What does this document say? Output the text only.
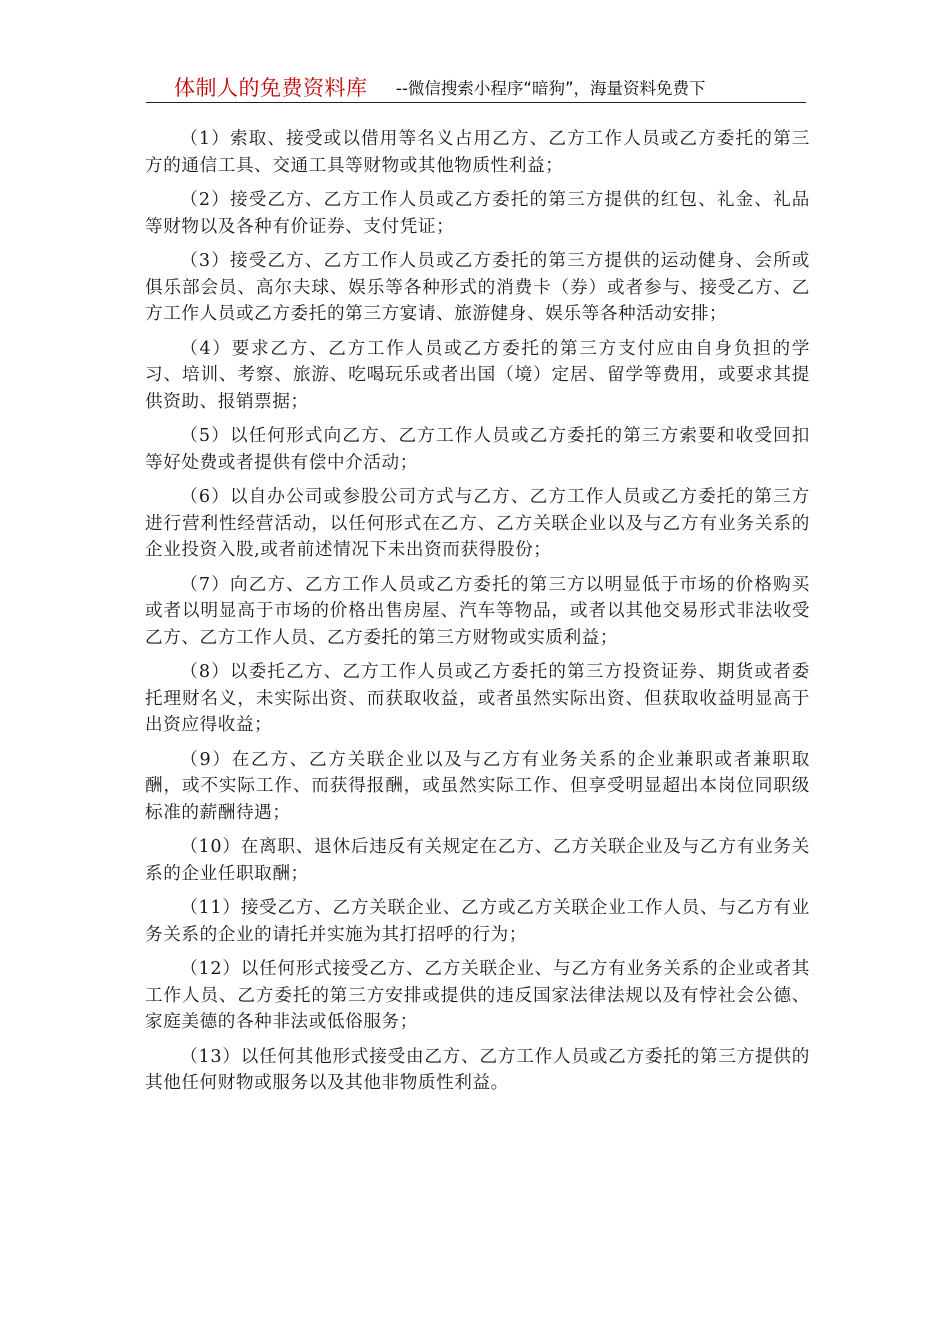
体制人的免费资料库 --微信搜索小程序“暗狗”，海量资料免费下

（1）索取、接受或以借用等名义占用乙方、乙方工作人员或乙方委托的第三方的通信工具、交通工具等财物或其他物质性利益；

（2）接受乙方、乙方工作人员或乙方委托的第三方提供的红包、礼金、礼品等财物以及各种有价证券、支付凭证；

（3）接受乙方、乙方工作人员或乙方委托的第三方提供的运动健身、会所或俱乐部会员、高尔夫球、娱乐等各种形式的消费卡（券）或者参与、接受乙方、乙方工作人员或乙方委托的第三方宴请、旅游健身、娱乐等各种活动安排；

（4）要求乙方、乙方工作人员或乙方委托的第三方支付应由自身负担的学习、培训、考察、旅游、吃喝玩乐或者出国（境）定居、留学等费用，或要求其提供资助、报销票据；

（5）以任何形式向乙方、乙方工作人员或乙方委托的第三方索要和收受回扣等好处费或者提供有偿中介活动；

（6）以自办公司或参股公司方式与乙方、乙方工作人员或乙方委托的第三方进行营利性经营活动，以任何形式在乙方、乙方关联企业以及与乙方有业务关系的企业投资入股,或者前述情况下未出资而获得股份；

（7）向乙方、乙方工作人员或乙方委托的第三方以明显低于市场的价格购买或者以明显高于市场的价格出售房屋、汽车等物品，或者以其他交易形式非法收受乙方、乙方工作人员、乙方委托的第三方财物或实质利益；

（8）以委托乙方、乙方工作人员或乙方委托的第三方投资证券、期货或者委托理财名义，未实际出资、而获取收益，或者虽然实际出资、但获取收益明显高于出资应得收益；

（9）在乙方、乙方关联企业以及与乙方有业务关系的企业兼职或者兼职取酬，或不实际工作、而获得报酬，或虽然实际工作、但享受明显超出本岗位同职级标准的薪酬待遇；

（10）在离职、退休后违反有关规定在乙方、乙方关联企业及与乙方有业务关系的企业任职取酬；

（11）接受乙方、乙方关联企业、乙方或乙方关联企业工作人员、与乙方有业务关系的企业的请托并实施为其打招呼的行为；

（12）以任何形式接受乙方、乙方关联企业、与乙方有业务关系的企业或者其工作人员、乙方委托的第三方安排或提供的违反国家法律法规以及有悖社会公德、家庭美德的各种非法或低俗服务；

（13）以任何其他形式接受由乙方、乙方工作人员或乙方委托的第三方提供的其他任何财物或服务以及其他非物质性利益。
